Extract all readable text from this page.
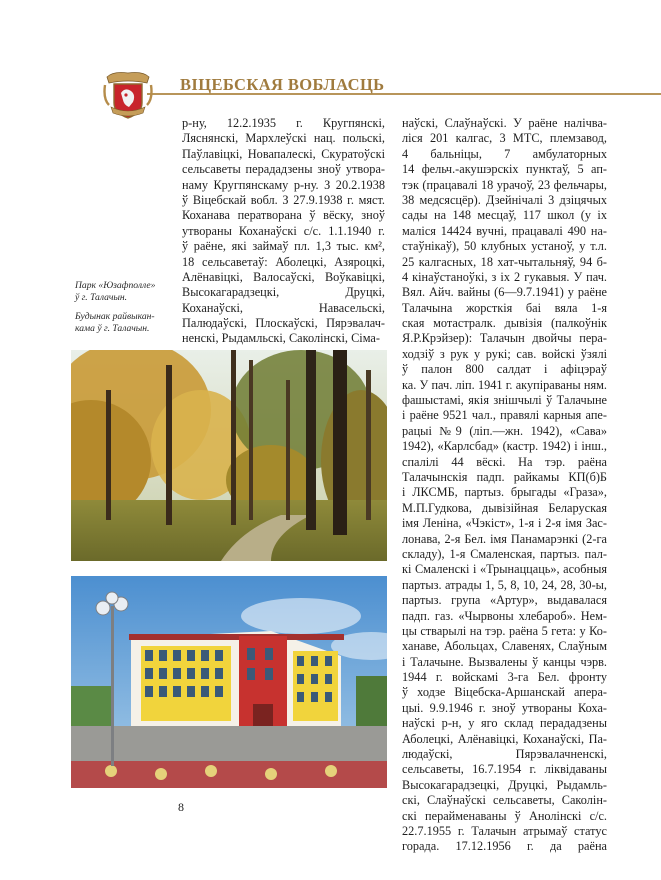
ВІЦЕБСКАЯ ВОБЛАСЦЬ
Парк «Юзафполле»
ў г. Талачын.
Будынак райвыкан-
кама ў г. Талачын.
р-ну, 12.2.1935 г. Кругпянскі,
Ляснянскі, Мархлеўскі нац. польскі,
Паўлавіцкі, Новапалескі, Скуратоўскі
сельсаветы перададзены зноў утвора-
наму Кругпянскаму р-ну. З 20.2.1938
ў Віцебскай вобл. З 27.9.1938 г. мяст.
Коханава ператворана ў вёску, зноў
утвораны Коханаўскі с/с. 1.1.1940 г.
ў раёне, які займаў пл. 1,3 тыс. км²,
18 сельсаветаў: Аболецкі, Азяроцкі,
Алёнавіцкі, Валосаўскі, Воўкавіцкі,
Высокагарадзецкі, Друцкі,
Коханаўскі, Навасельскі,
Палюдаўскі, Плоскаўскі, Пярэвалач-
ненскі, Рыдамльскі, Саколінскі, Сіма-
наўскі, Слаўнаўскі. У раёне налічва-
ліся 201 калгас, 3 МТС, племзавод,
4 бальніцы, 7 амбулаторных
14 фельч.-акушэрскіх пунктаў, 5 ап-
тэк (працавалі 18 урачоў, 23 фельчары,
38 медсясцёр). Дзейнічалі 3 дзіцячых
сады на 148 месцаў, 117 школ (у іх
маліся 14424 вучні, працавалі 490 на-
стаўнікаў), 50 клубных устаноў, у т.л.
25 калгасных, 18 хат-чытальняў, 94 б-
4 кінаўстаноўкі, з іх 2 гукавыя. У пач.
Вял. Айч. вайны (6—9.7.1941) у раёне
Талачына жорсткія баі вяла 1-я
ская мотастралк. дывізія (палкоўнік
Я.Р.Крэйзер): Талачын двойчы пера-
ходзіў з рук у рукі; сав. войскі ўзялі
ў палон 800 салдат і афіцэраў
ка. У пач. ліп. 1941 г. акупіраваны ням.
фашыстамі, якія знішчылі ў Талачыне
і раёне 9521 чал., правялі карныя апе-
рацыі №9 (ліп.—жн. 1942), «Сава»
1942), «Карлсбад» (кастр. 1942) і інш.,
спалілі 44 вёскі. На тэр. раёна
Талачынскія падп. райкамы КП(б)Б
і ЛКСМБ, партыз. брыгады «Граза»,
М.П.Гудкова, дывізійная Беларуская
імя Леніна, «Чэкіст», 1-я і 2-я імя Зас-
лонава, 2-я Бел. імя Панамарэнкі (2-га
складу), 1-я Смаленская, партыз. пал-
кі Смаленскі і «Трынаццаць», асобныя
партыз. атрады 1, 5, 8, 10, 24, 28, 30-ы,
партыз. група «Артур», выдавалася
падп. газ. «Чырвоны хлебароб». Нем-
цы стварылі на тэр. раёна 5 гета: у Ко-
ханаве, Абольцах, Славенях, Слаўным
і Талачыне. Вызвалены ў канцы чэрв.
1944 г. войскамі 3-га Бел. фронту
ў ходзе Віцебска-Аршанскай апера-
цыі. 9.9.1946 г. зноў утвораны Коха-
наўскі р-н, у яго склад перададзены
Аболецкі, Алёнавіцкі, Коханаўскі, Па-
людаўскі, Пярэвалачненскі,
сельсаветы, 16.7.1954 г. ліквідаваны
Высокагарадзецкі, Друцкі, Рыдамль-
скі, Слаўнаўскі сельсаветы, Саколін-
скі перайменаваны ў Анолінскі с/с.
22.7.1955 г. Талачын атрымаў статус
горада. 17.12.1956 г. да раёна
8
